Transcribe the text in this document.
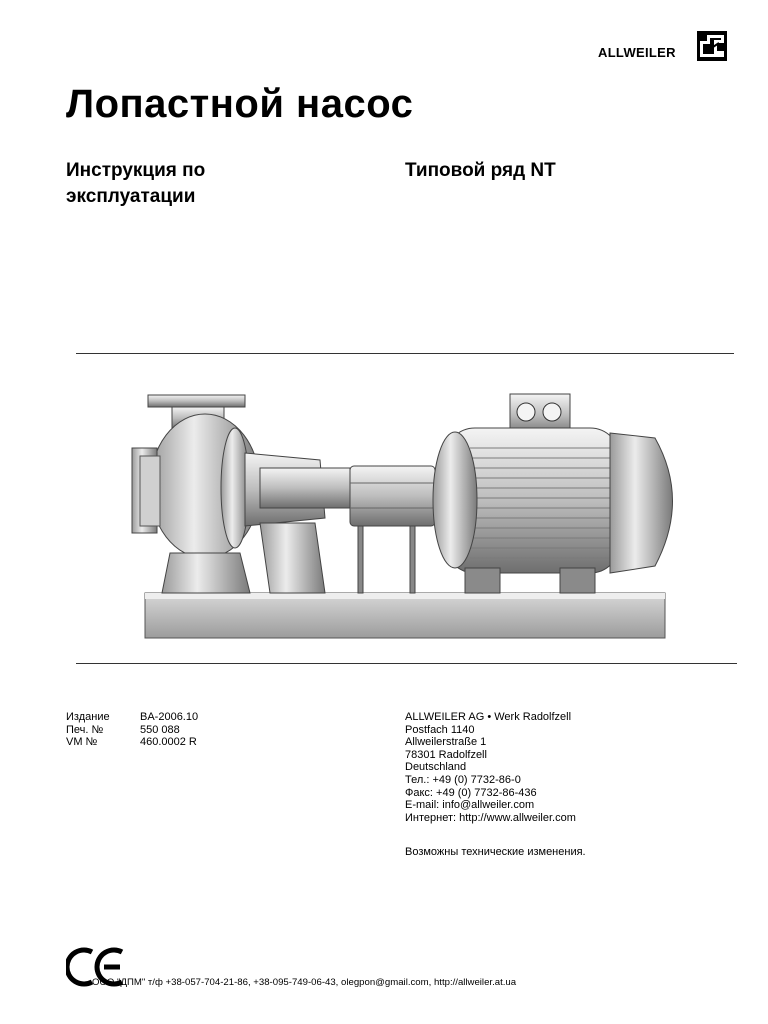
ALLWEILER
Лопастной насос
Инструкция по эксплуатации
Типовой ряд NT
Издание	BA-2006.10
Печ. №	550 088
VM №	460.0002 R
ALLWEILER AG • Werk Radolfzell
Postfach 1140
Allweilerstraße 1
78301 Radolfzell
Deutschland
Тел.: +49 (0) 7732-86-0
Факс: +49 (0) 7732-86-436
E-mail: info@allweiler.com
Интернет: http://www.allweiler.com
Возможны технические изменения.
ООО "ДПМ" т/ф +38-057-704-21-86, +38-095-749-06-43, olegpon@gmail.com, http://allweiler.at.ua
